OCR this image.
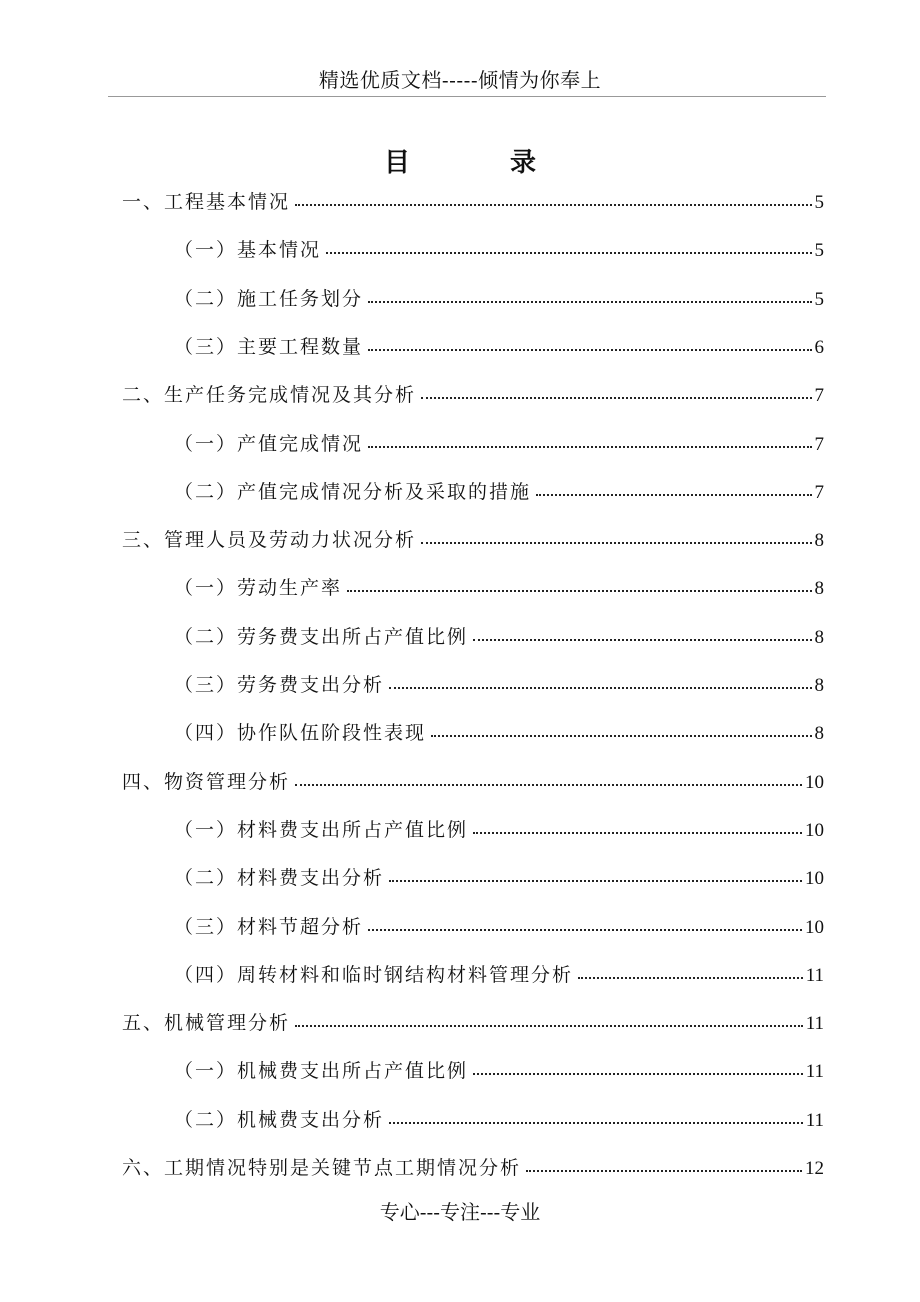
精选优质文档-----倾情为你奉上
目	录
一、工程基本情况	5
（一）基本情况	5
（二）施工任务划分	5
（三）主要工程数量	6
二、生产任务完成情况及其分析	7
（一）产值完成情况	7
（二）产值完成情况分析及采取的措施	7
三、管理人员及劳动力状况分析	8
（一）劳动生产率	8
（二）劳务费支出所占产值比例	8
（三）劳务费支出分析	8
（四）协作队伍阶段性表现	8
四、物资管理分析	10
（一）材料费支出所占产值比例	10
（二）材料费支出分析	10
（三）材料节超分析	10
（四）周转材料和临时钢结构材料管理分析	11
五、机械管理分析	11
（一）机械费支出所占产值比例	11
（二）机械费支出分析	11
六、工期情况特别是关键节点工期情况分析	12
专心---专注---专业
